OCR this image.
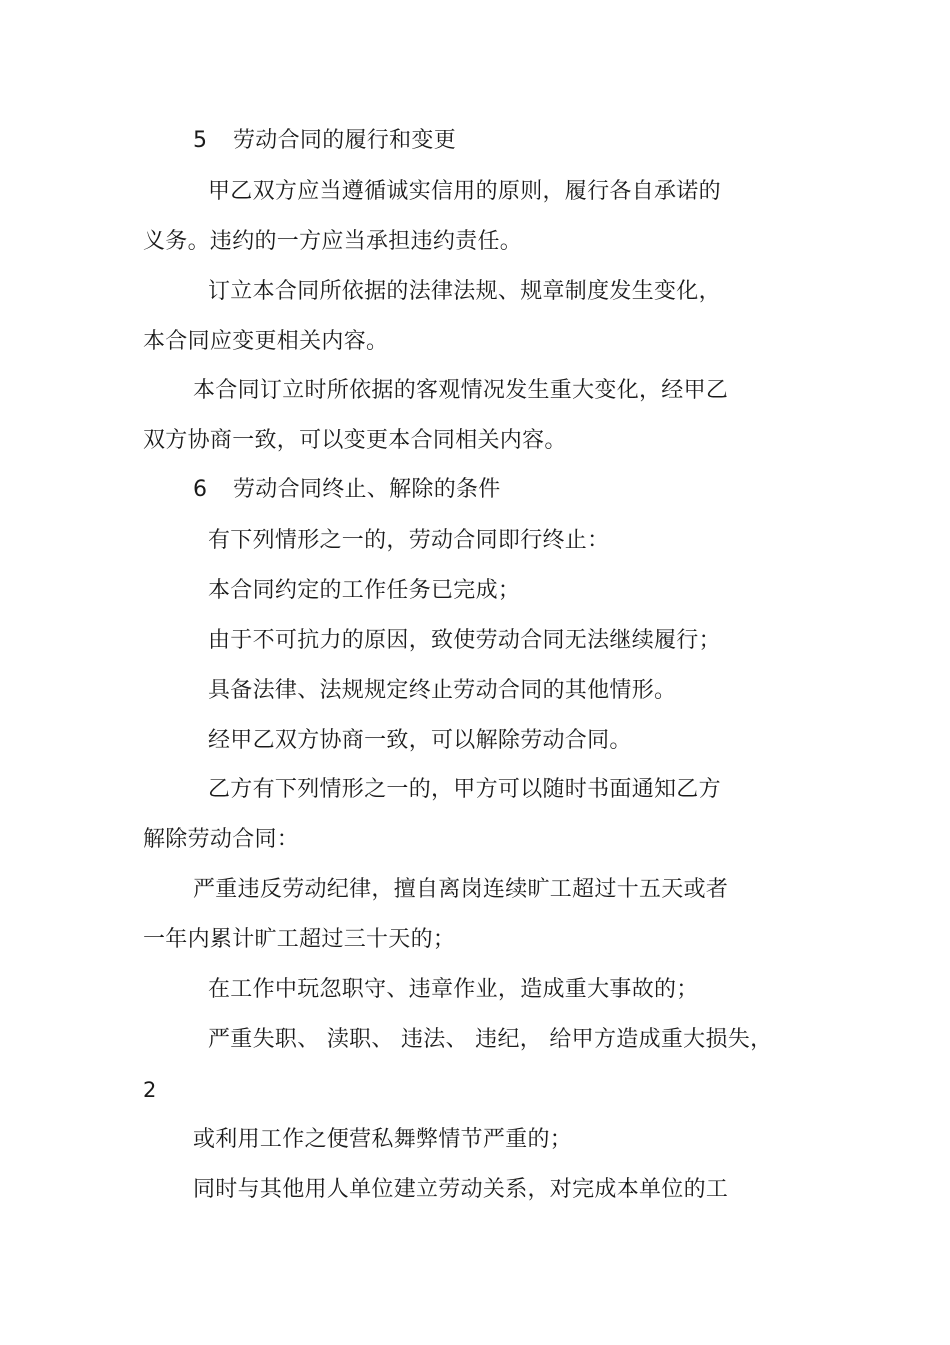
5 劳动合同的履行和变更
甲乙双方应当遵循诚实信用的原则，履行各自承诺的
义务。违约的一方应当承担违约责任。
订立本合同所依据的法律法规、规章制度发生变化，
本合同应变更相关内容。
本合同订立时所依据的客观情况发生重大变化，经甲乙
双方协商一致，可以变更本合同相关内容。
6 劳动合同终止、解除的条件
有下列情形之一的，劳动合同即行终止：
本合同约定的工作任务已完成；
由于不可抗力的原因，致使劳动合同无法继续履行；
具备法律、法规规定终止劳动合同的其他情形。
经甲乙双方协商一致，可以解除劳动合同。
乙方有下列情形之一的，甲方可以随时书面通知乙方
解除劳动合同：
严重违反劳动纪律，擅自离岗连续旷工超过十五天或者
一年内累计旷工超过三十天的；
在工作中玩忽职守、违章作业，造成重大事故的；
严重失职、 渎职、 违法、 违纪， 给甲方造成重大损失，
2
或利用工作之便营私舞弊情节严重的；
同时与其他用人单位建立劳动关系，对完成本单位的工
